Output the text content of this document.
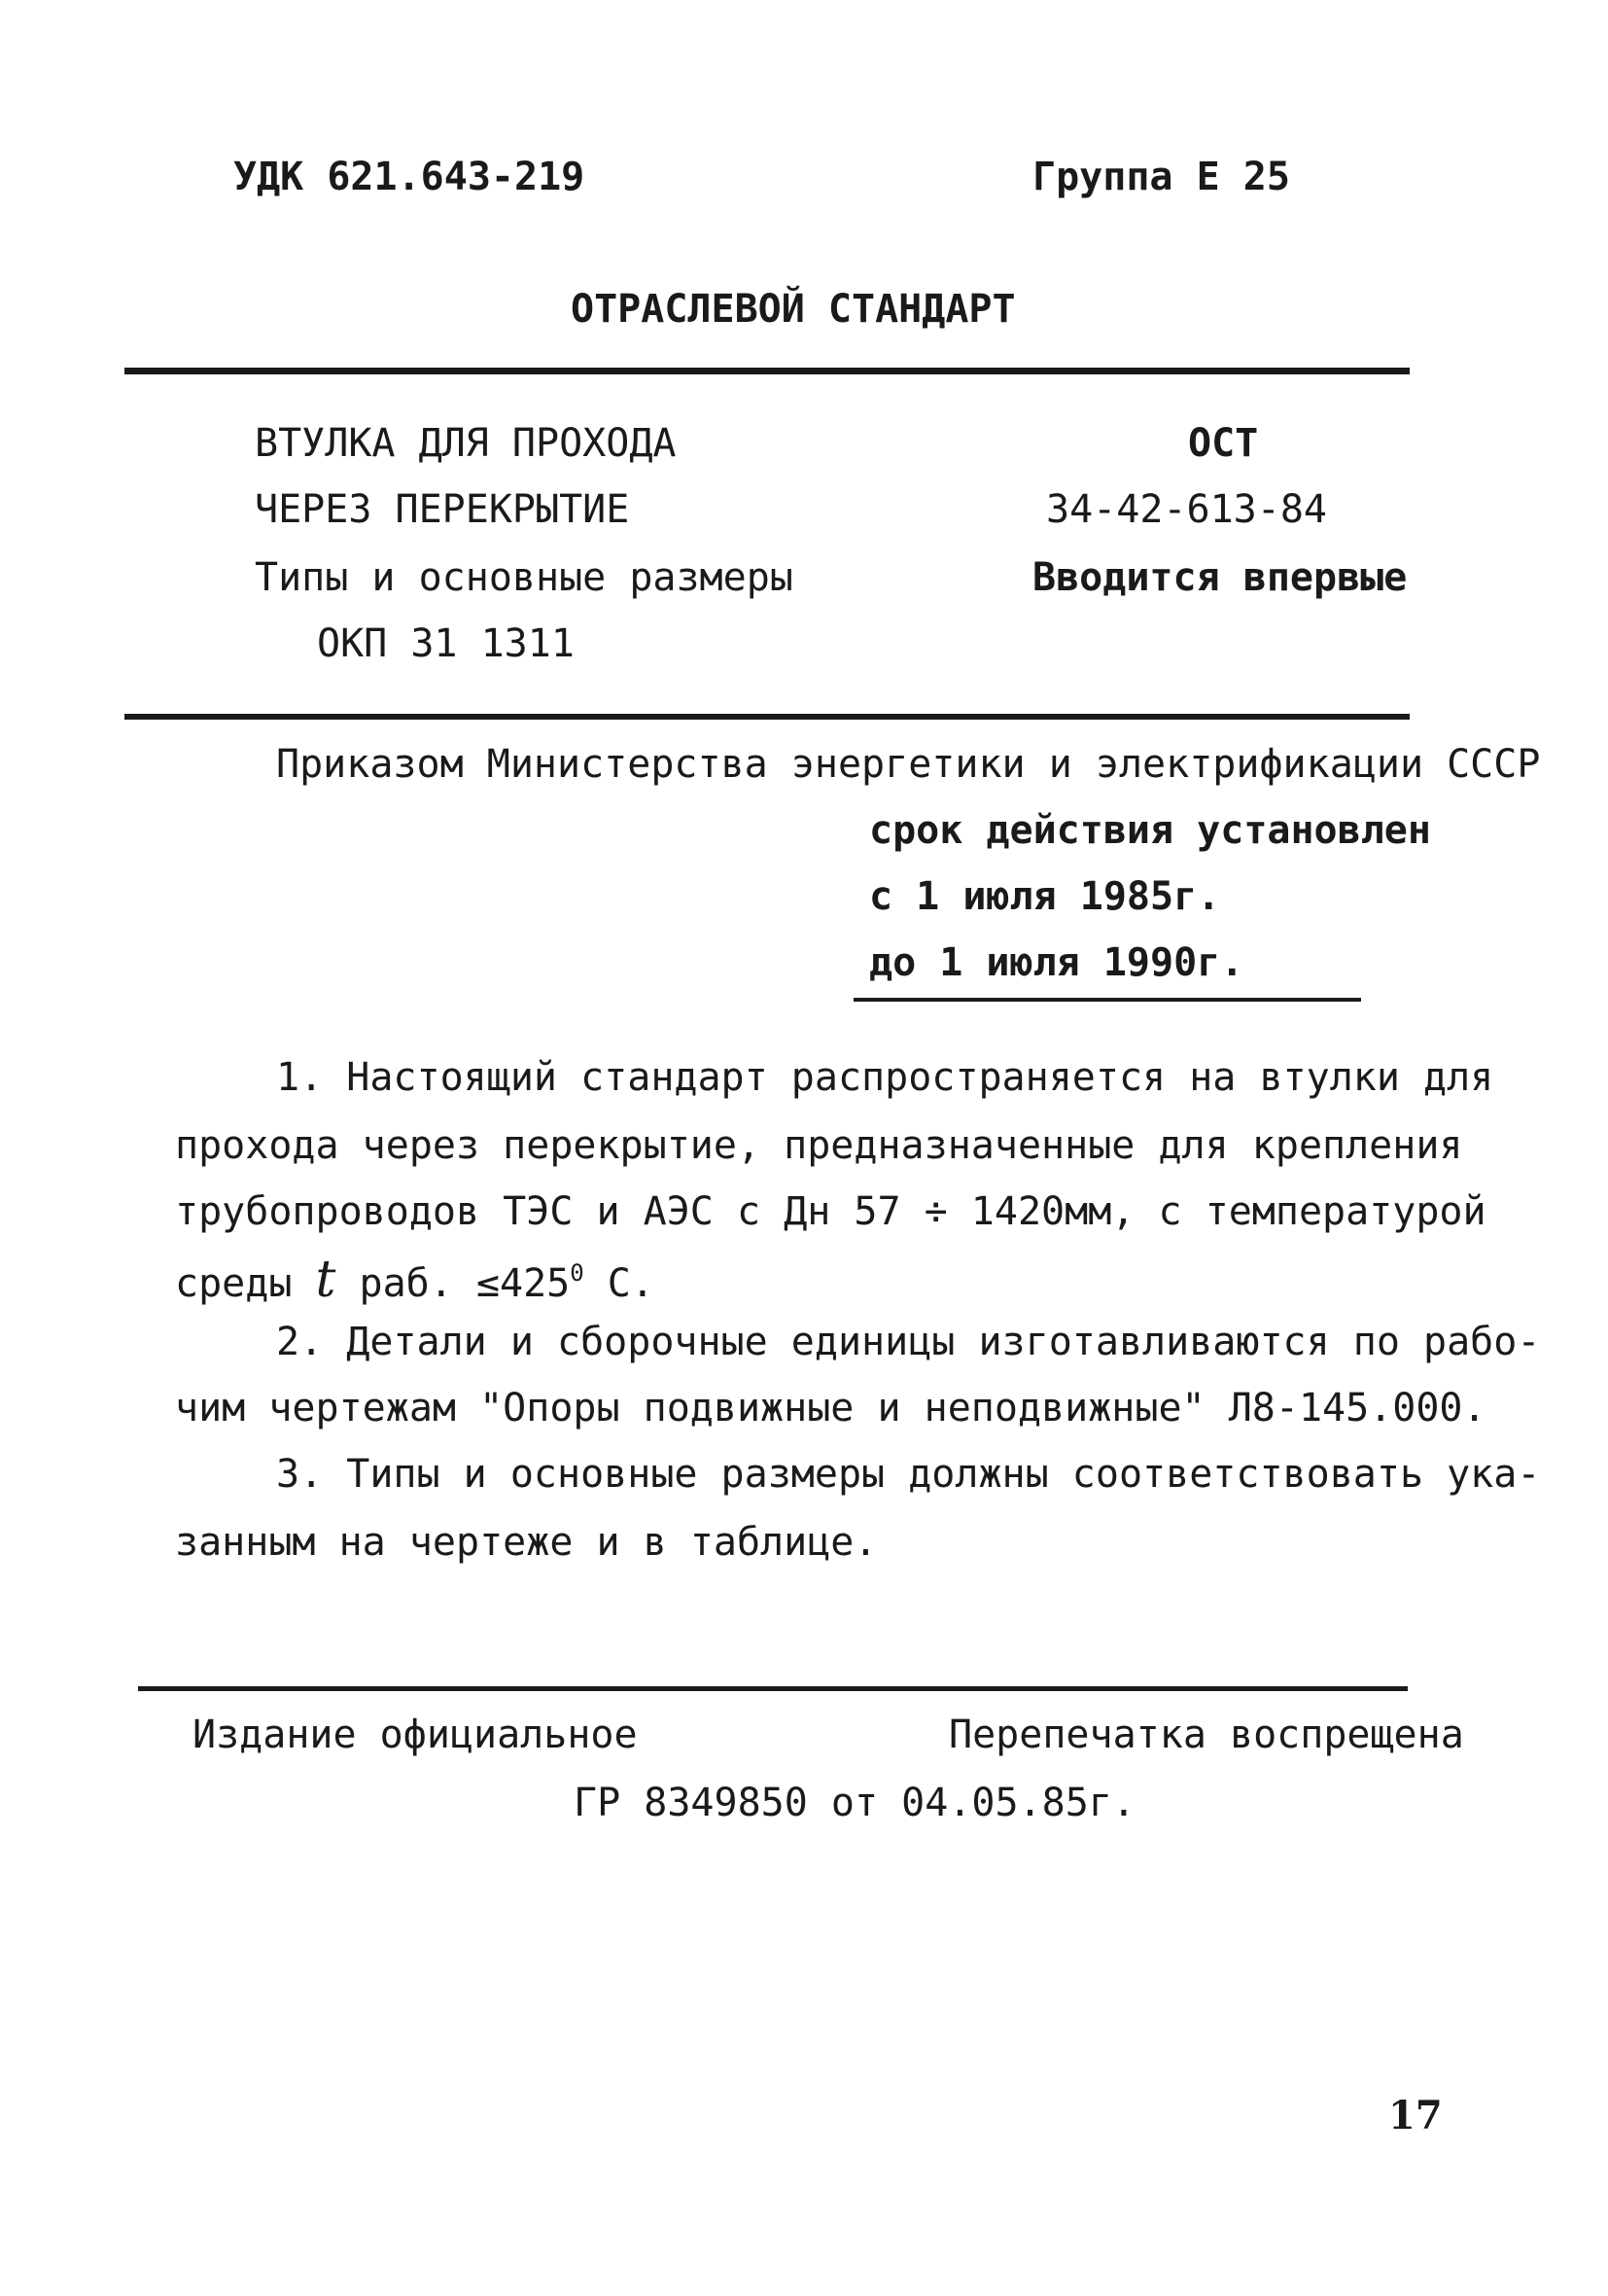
УДК 621.643-219	Группа Е 25
ОТРАСЛЕВОЙ СТАНДАРТ
ВТУЛКА ДЛЯ ПРОХОДА
ЧЕРЕЗ ПЕРЕКРЫТИЕ
Типы и основные размеры
ОКП 31 1311
ОСТ
34-42-613-84
Вводится впервые
Приказом Министерства энергетики и электрификации СССР
срок действия установлен
с 1 июля 1985г.
до 1 июля 1990г.
1. Настоящий стандарт распространяется на втулки для
прохода через перекрытие, предназначенные для крепления
трубопроводов ТЭС и АЭС с Дн 57 ÷ 1420мм, с температурой
среды t раб. $\le 425^0$ С.
2. Детали и сборочные единицы изготавливаются по рабо-
чим чертежам "Опоры подвижные и неподвижные" Л8-145.000.
3. Типы и основные размеры должны соответствовать ука-
занным на чертеже и в таблице.
Издание официальное	Перепечатка воспрещена
ГР 8349850 от 04.05.85г.
17
